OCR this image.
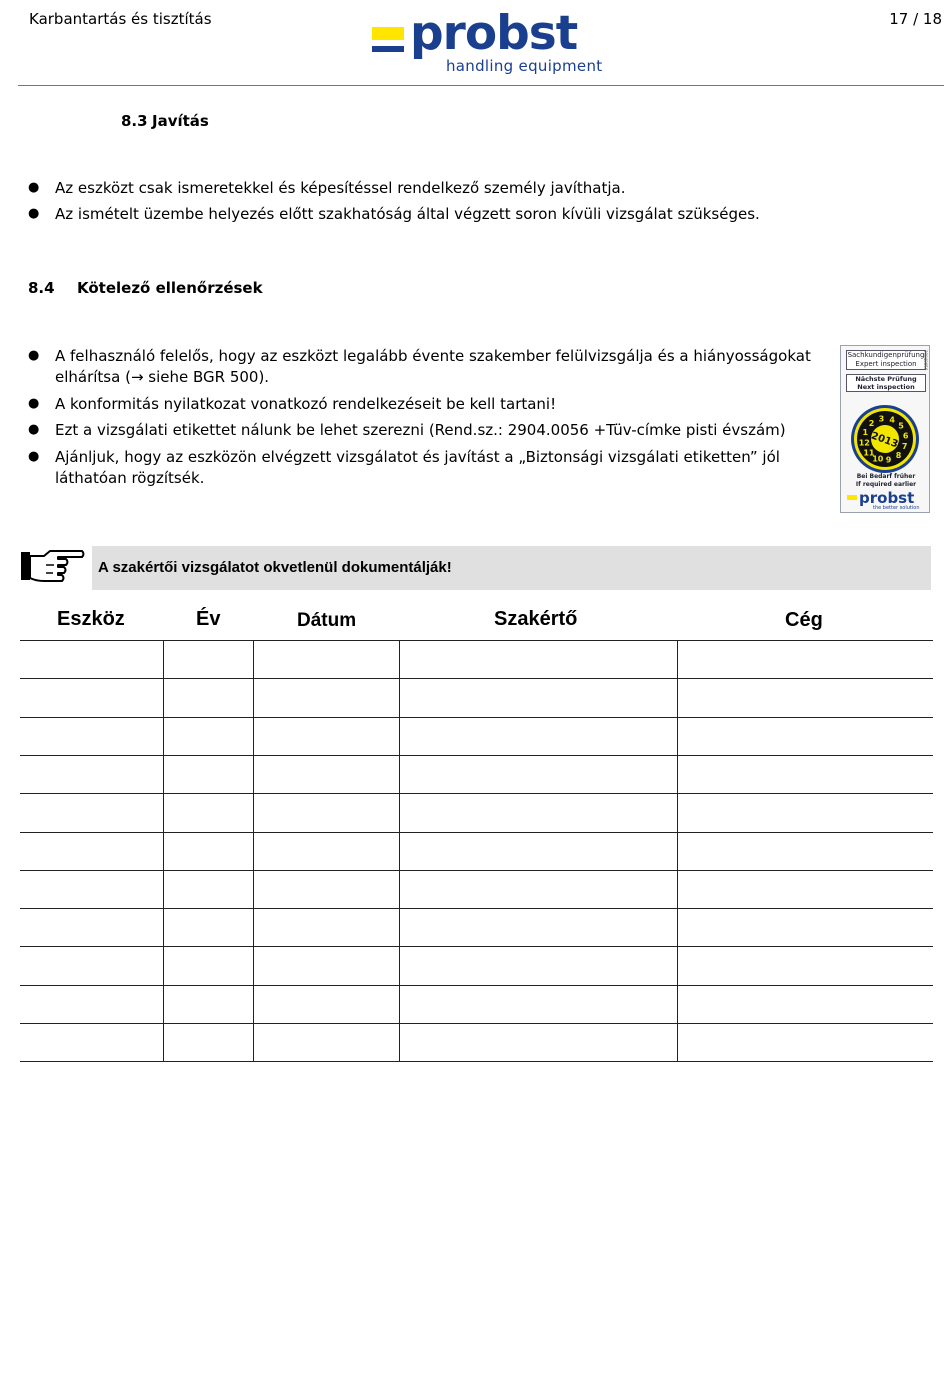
Karbantartás és tisztítás	17 / 18
probst
handling equipment
8.3 Javítás
●	Az eszközt csak ismeretekkel és képesítéssel rendelkező személy javíthatja.
●	Az ismételt üzembe helyezés előtt szakhatóság által végzett soron kívüli vizsgálat szükséges.
8.4 Kötelező ellenőrzések
●	A felhasználó felelős, hogy az eszközt legalább évente szakember felülvizsgálja és a hiányosságokat elhárítsa (→ siehe BGR 500).
●	A konformitás nyilatkozat vonatkozó rendelkezéseit be kell tartani!
●	Ezt a vizsgálati etikettet nálunk be lehet szerezni (Rend.sz.: 2904.0056 +Tüv-címke pisti évszám)
●	Ajánljuk, hogy az eszközön elvégzett vizsgálatot és javítást a „Biztonsági vizsgálati etiketten” jól láthatóan rögzítsék.
Sachkundigenprüfung
Expert inspection
Nächste Prüfung
Next inspection
1
2
3 4
5
6
7
8
9
10
11
12 2013
Bei Bedarf früher
If required earlier
probst
the better solution
29040056
A szakértői vizsgálatot okvetlenül dokumentálják!
Eszköz	Év	Dátum	Szakértő	Cég
